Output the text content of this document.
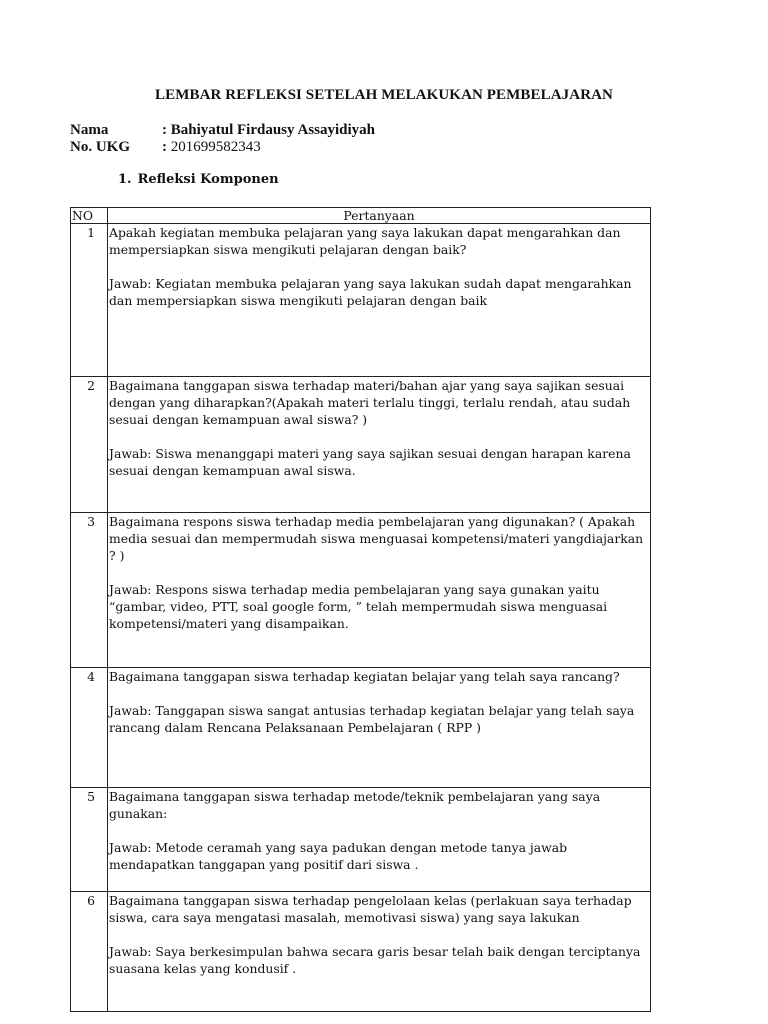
LEMBAR REFLEKSI SETELAH MELAKUKAN PEMBELAJARAN
Nama	: Bahiyatul Firdausy Assayidiyah
No. UKG : 201699582343
1. Refleksi Komponen
NO	Pertanyaan
1	Apakah kegiatan membuka pelajaran yang saya lakukan dapat mengarahkan dan mempersiapkan siswa mengikuti pelajaran dengan baik?

Jawab: Kegiatan membuka pelajaran yang saya lakukan sudah dapat mengarahkan dan mempersiapkan siswa mengikuti pelajaran dengan baik

2	Bagaimana tanggapan siswa terhadap materi/bahan ajar yang saya sajikan sesuai dengan yang diharapkan?(Apakah materi terlalu tinggi, terlalu rendah, atau sudah sesuai dengan kemampuan awal siswa? )

Jawab: Siswa menanggapi materi yang saya sajikan sesuai dengan harapan karena sesuai dengan kemampuan awal siswa.

3	Bagaimana respons siswa terhadap media pembelajaran yang digunakan? ( Apakah media sesuai dan mempermudah siswa menguasai kompetensi/materi yangdiajarkan ? )

Jawab: Respons siswa terhadap media pembelajaran yang saya gunakan yaitu “gambar, video, PTT, soal google form, ” telah mempermudah siswa menguasai kompetensi/materi yang disampaikan.

4	Bagaimana tanggapan siswa terhadap kegiatan belajar yang telah saya rancang?

Jawab: Tanggapan siswa sangat antusias terhadap kegiatan belajar yang telah saya rancang dalam Rencana Pelaksanaan Pembelajaran ( RPP )

5	Bagaimana tanggapan siswa terhadap metode/teknik pembelajaran yang saya gunakan:

Jawab: Metode ceramah yang saya padukan dengan metode tanya jawab mendapatkan tanggapan yang positif dari siswa .

6	Bagaimana tanggapan siswa terhadap pengelolaan kelas (perlakuan saya terhadap siswa, cara saya mengatasi masalah, memotivasi siswa) yang saya lakukan

Jawab: Saya berkesimpulan bahwa secara garis besar telah baik dengan terciptanya suasana kelas yang kondusif .
